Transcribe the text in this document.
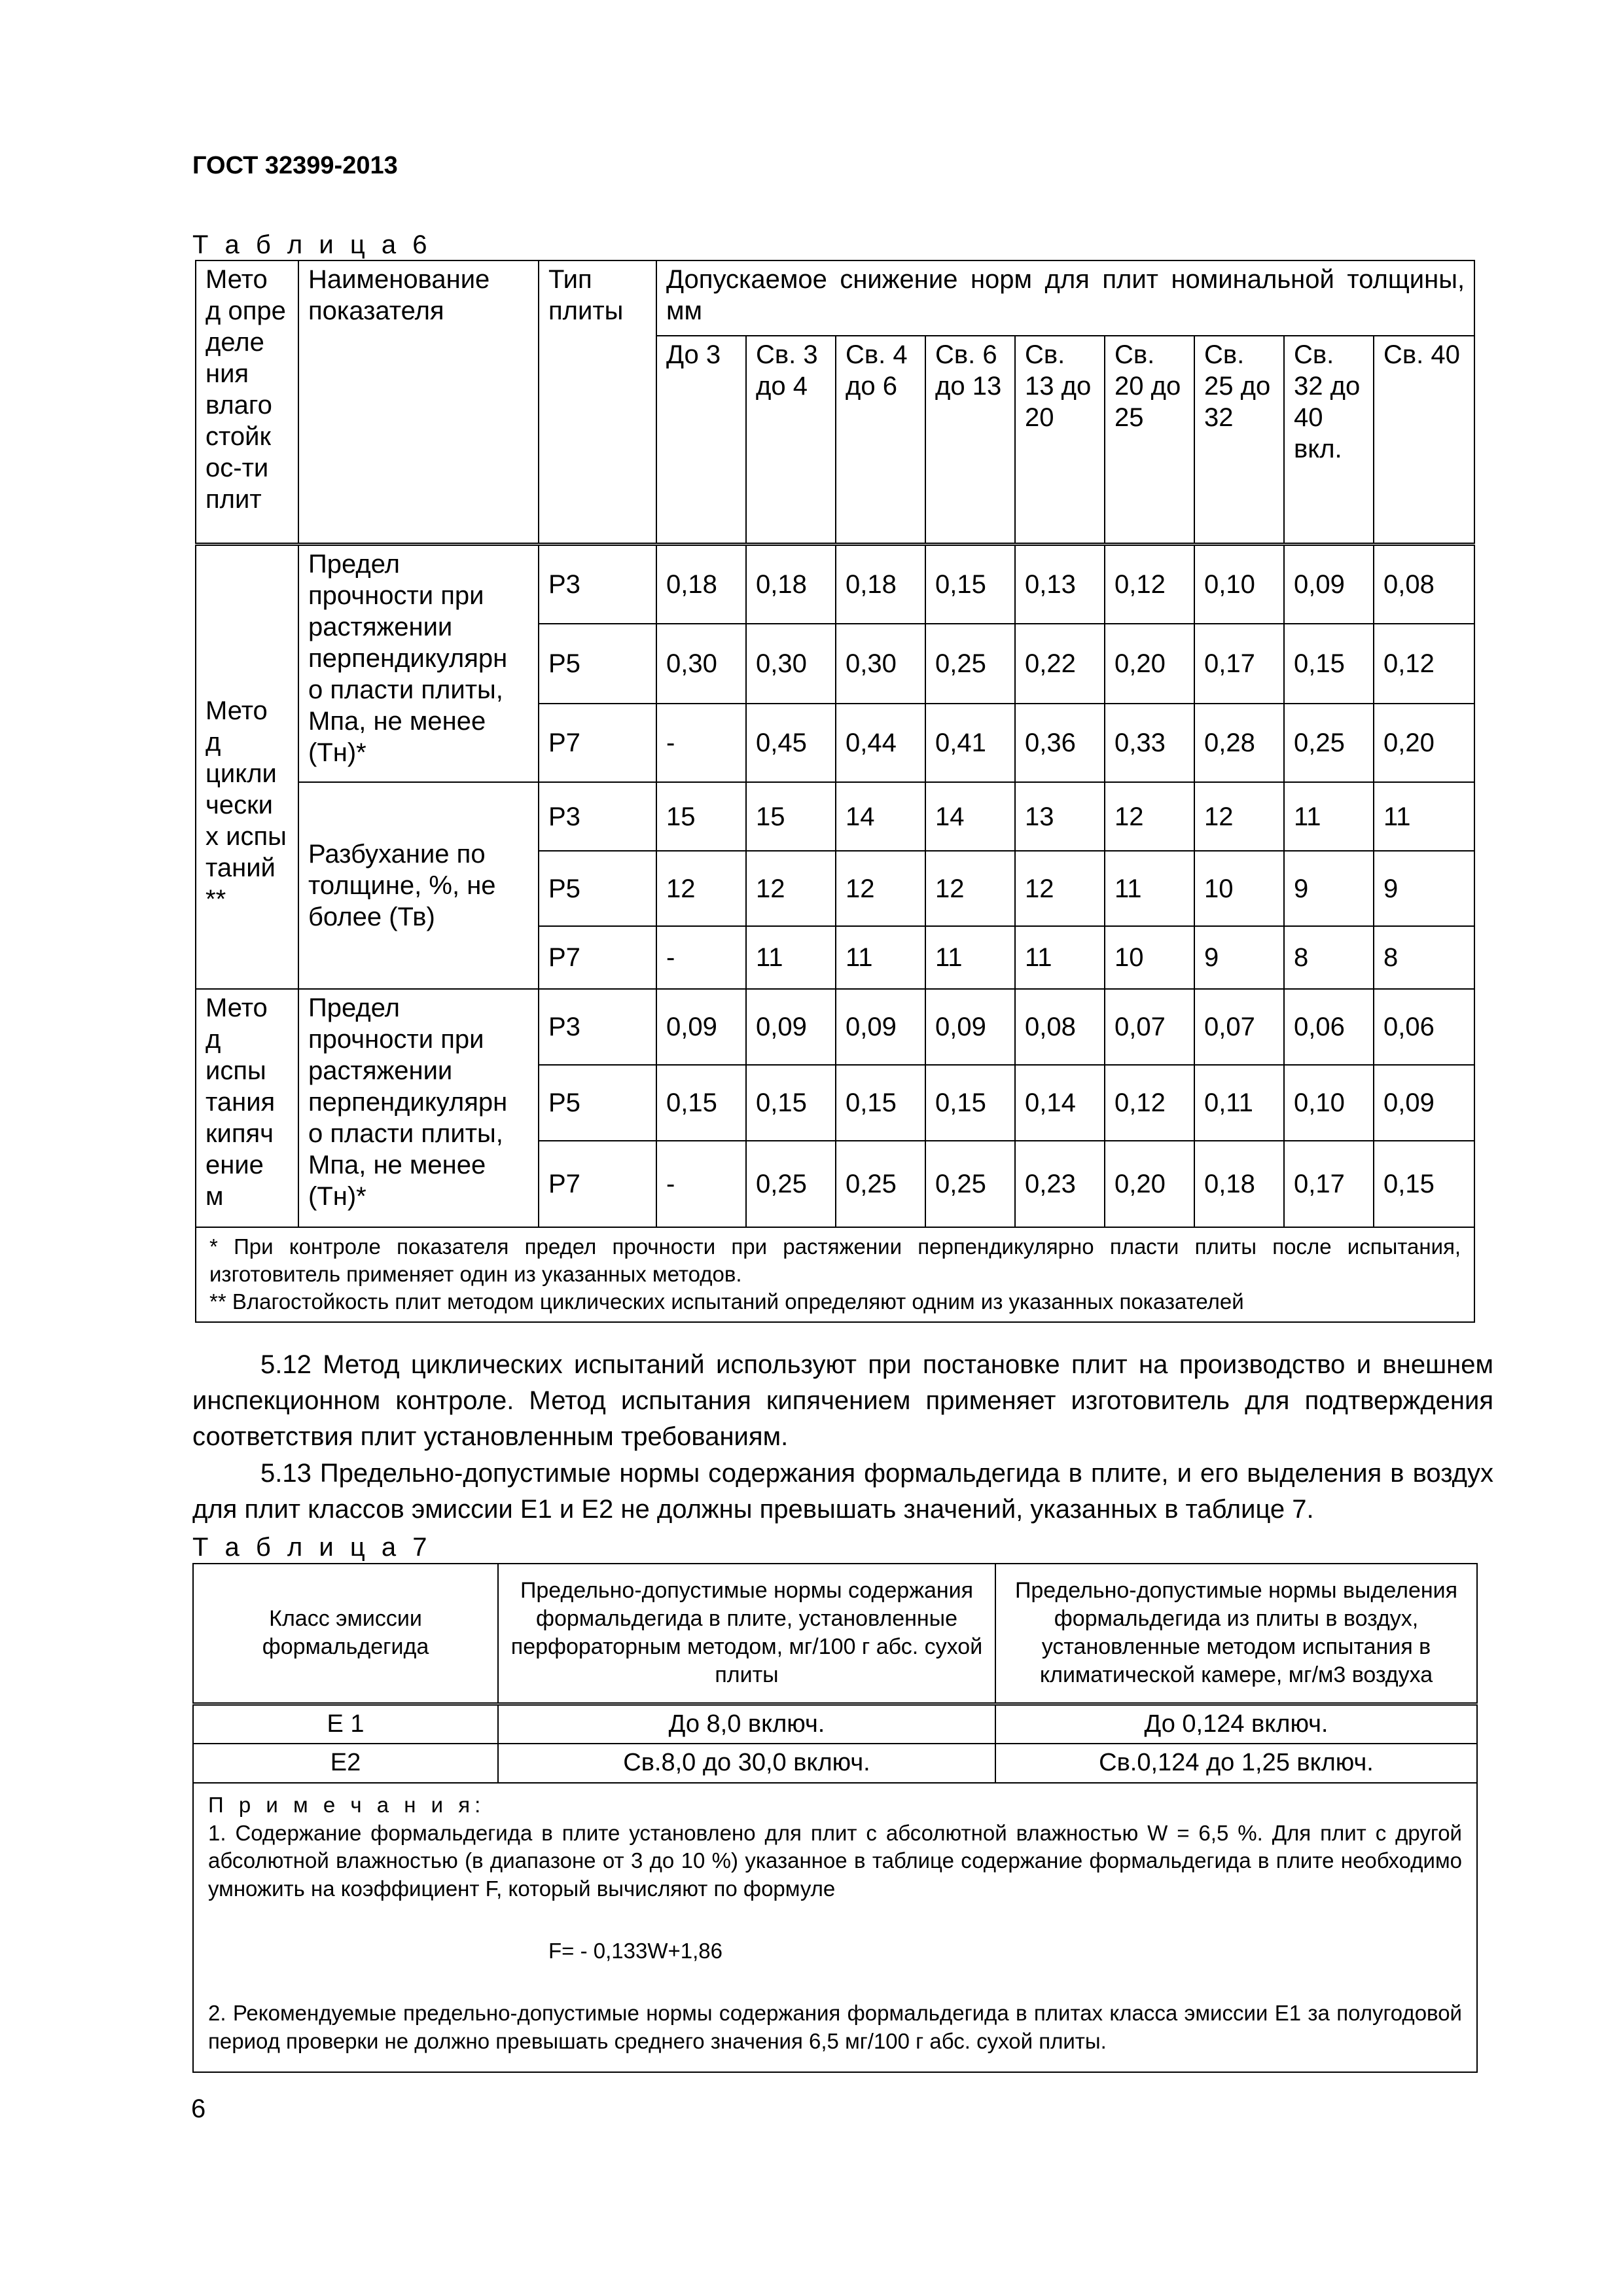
ГОСТ 32399-2013
Т а б л и ц а 6
Мето д опре деле ния влаго стойк ос-ти плит	Наименование показателя	Тип плиты	Допускаемое снижение норм для плит номинальной толщины, мм								

			До 3	Св. 3 до 4	Св. 4 до 6	Св. 6 до 13	Св. 13 до 20	Св. 20 до 25	Св. 25 до 32	Св. 32 до 40 вкл.	Св. 40
Мето д цикли чески х испы таний **	Предел прочности при растяжении перпендикулярн о пласти плиты, Мпа, не менее (Тн)*	Р3	0,18	0,18	0,18	0,15	0,13	0,12	0,10	0,09	0,08
		Р5	0,30	0,30	0,30	0,25	0,22	0,20	0,17	0,15	0,12
		Р7	-	0,45	0,44	0,41	0,36	0,33	0,28	0,25	0,20
	Разбухание по толщине, %, не более (Тв)	Р3	15	15	14	14	13	12	12	11	11
		Р5	12	12	12	12	12	11	10	9	9
		Р7	-	11	11	11	11	10	9	8	8
Мето д испы тания кипяч ение м	Предел прочности при растяжении перпендикулярн о пласти плиты, Мпа, не менее (Тн)*	Р3	0,09	0,09	0,09	0,09	0,08	0,07	0,07	0,06	0,06
		Р5	0,15	0,15	0,15	0,15	0,14	0,12	0,11	0,10	0,09
		Р7	-	0,25	0,25	0,25	0,23	0,20	0,18	0,17	0,15

* При контроле показателя предел прочности при растяжении перпендикулярно пласти плиты после испытания, изготовитель применяет один из указанных методов.
** Влагостойкость плит методом циклических испытаний определяют одним из указанных показателей											

5.12 Метод циклических испытаний используют при постановке плит на производство и внешнем инспекционном контроле. Метод испытания кипячением применяет изготовитель для подтверждения соответствия плит установленным требованиям.

5.13 Предельно-допустимые нормы содержания формальдегида в плите, и его выделения в воздух для плит классов эмиссии Е1 и Е2 не должны превышать значений, указанных в таблице 7.

Т а б л и ц а 7
Класс эмиссии формальдегида	Предельно-допустимые нормы содержания формальдегида в плите, установленные перфораторным методом, мг/100 г абс. сухой плиты	Предельно-допустимые нормы выделения формальдегида из плиты в воздух, установленные методом испытания в климатической камере, мг/м3 воздуха
Е 1	До 8,0 включ.	До 0,124 включ.
Е2	Св.8,0 до 30,0 включ.	Св.0,124 до 1,25 включ.

П р и м е ч а н и я:
1. Содержание формальдегида в плите установлено для плит с абсолютной влажностью W = 6,5 %. Для плит с другой абсолютной влажностью (в диапазоне от 3 до 10 %) указанное в таблице содержание формальдегида в плите необходимо умножить на коэффициент F, который вычисляют по формуле
F= - 0,133W+1,86
2. Рекомендуемые предельно-допустимые нормы содержания формальдегида в плитах класса эмиссии Е1 за полугодовой период проверки не должно превышать среднего значения 6,5 мг/100 г абс. сухой плиты.		
6
